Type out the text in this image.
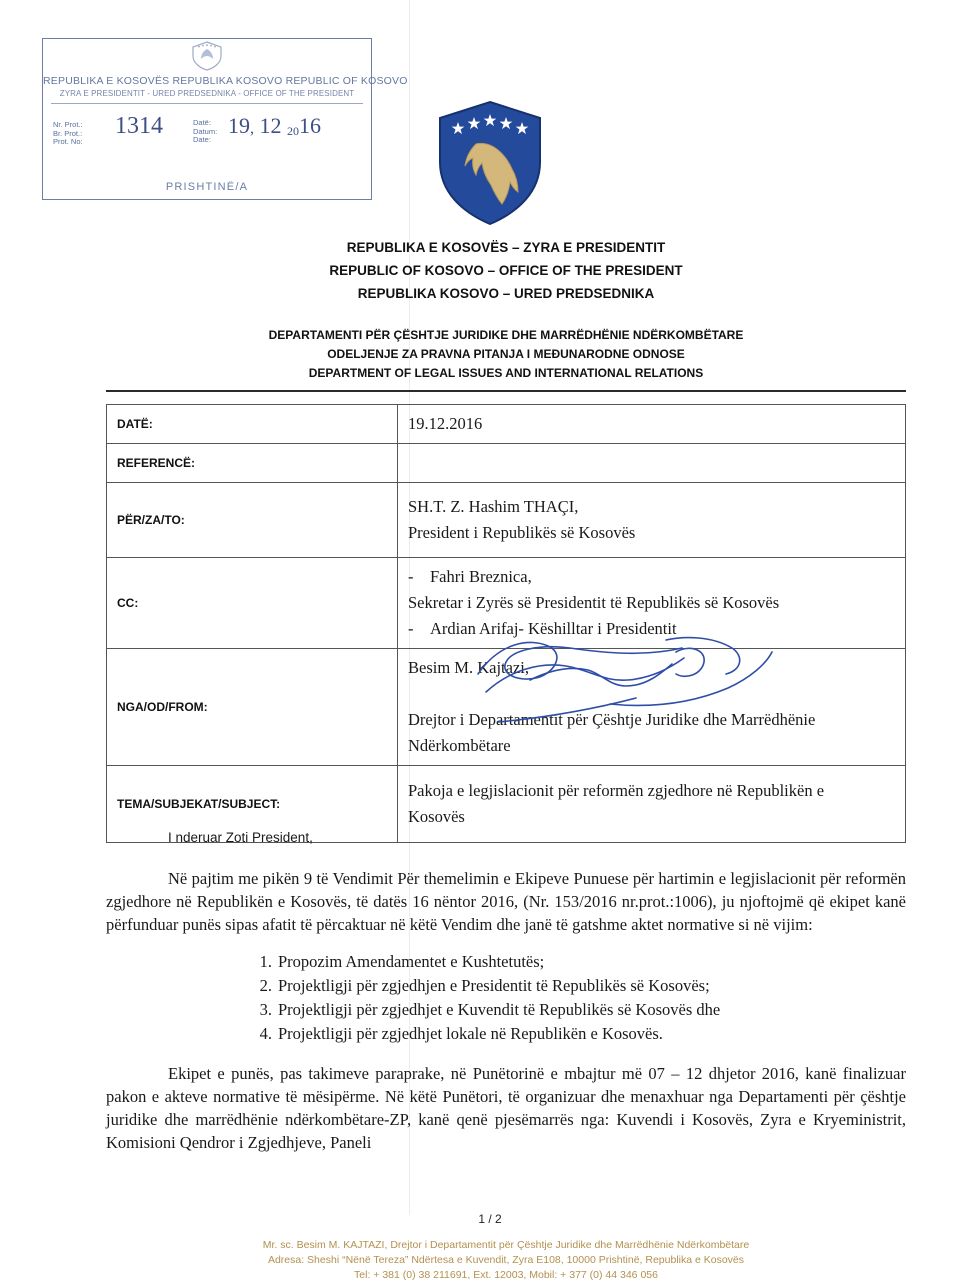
REPUBLIKA E KOSOVËS REPUBLIKA KOSOVO REPUBLIC OF KOSOVO
ZYRA E PRESIDENTIT - URED PREDSEDNIKA - OFFICE OF THE PRESIDENT
Nr. Prot.:
Br. Prot.:
Prot. No:
1314	Datë:
Datum:
Date:
19, 12 2016
PRISHTINË/A
REPUBLIKA E KOSOVËS – ZYRA E PRESIDENTIT
REPUBLIC OF KOSOVO – OFFICE OF THE PRESIDENT
REPUBLIKA KOSOVO – URED PREDSEDNIKA
DEPARTAMENTI PËR ÇËSHTJE JURIDIKE DHE MARRËDHËNIE NDËRKOMBËTARE
ODELJENJE ZA PRAVNA PITANJA I MEĐUNARODNE ODNOSE
DEPARTMENT OF LEGAL ISSUES AND INTERNATIONAL RELATIONS
DATË:	19.12.2016
REFERENCË:	
PËR/ZA/TO:	SH.T. Z. Hashim THAÇI,
President i Republikës së Kosovës

CC:	- Fahri Breznica,
Sekretar i Zyrës së Presidentit të Republikës së Kosovës
- Ardian Arifaj- Këshilltar i Presidentit

NGA/OD/FROM:	Besim M. Kajtazi,
Drejtor i Departamentit për Çështje Juridike dhe Marrëdhënie
Ndërkombëtare

TEMA/SUBJEKAT/SUBJECT:	Pakoja e legjislacionit për reformën zgjedhore në Republikën e
Kosovës
I nderuar Zoti President,
Në pajtim me pikën 9 të Vendimit Për themelimin e Ekipeve Punuese për hartimin e legjislacionit për reformën zgjedhore në Republikën e Kosovës, të datës 16 nëntor 2016, (Nr. 153/2016 nr.prot.:1006), ju njoftojmë që ekipet kanë përfunduar punës sipas afatit të përcaktuar në këtë Vendim dhe janë të gatshme aktet normative si në vijim:
1. Propozim Amendamentet e Kushtetutës;
2. Projektligji për zgjedhjen e Presidentit të Republikës së Kosovës;
3. Projektligji për zgjedhjet e Kuvendit të Republikës së Kosovës dhe
4. Projektligji për zgjedhjet lokale në Republikën e Kosovës.
Ekipet e punës, pas takimeve paraprake, në Punëtorinë e mbajtur më 07 – 12 dhjetor 2016, kanë finalizuar pakon e akteve normative të mësipërme. Në këtë Punëtori, të organizuar dhe menaxhuar nga Departamenti për çështje juridike dhe marrëdhënie ndërkombëtare-ZP, kanë qenë pjesëmarrës nga: Kuvendi i Kosovës, Zyra e Kryeministrit, Komisioni Qendror i Zgjedhjeve, Paneli
1 / 2
Mr. sc. Besim M. KAJTAZI, Drejtor i Departamentit për Çështje Juridike dhe Marrëdhënie Ndërkombëtare
Adresa: Sheshi “Nënë Tereza” Ndërtesa e Kuvendit, Zyra E108, 10000 Prishtinë, Republika e Kosovës
Tel: + 381 (0) 38 211691, Ext. 12003, Mobil: + 377 (0) 44 346 056
